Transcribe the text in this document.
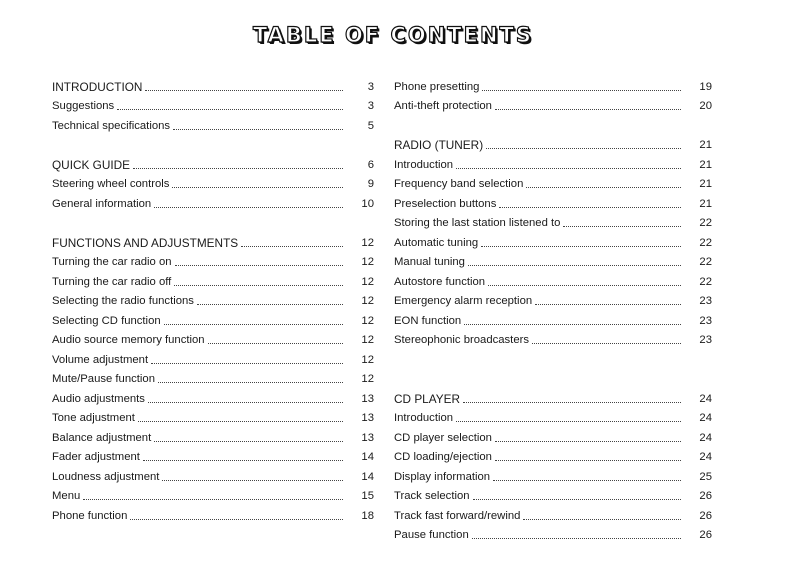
TABLE OF CONTENTS
INTRODUCTION	3
Suggestions	3
Technical specifications	5
QUICK GUIDE	6
Steering wheel controls	9
General information	10
FUNCTIONS AND ADJUSTMENTS	12
Turning the car radio on	12
Turning the car radio off	12
Selecting the radio functions	12
Selecting CD function	12
Audio source memory function	12
Volume adjustment	12
Mute/Pause function	12
Audio adjustments	13
Tone adjustment	13
Balance adjustment	13
Fader adjustment	14
Loudness adjustment	14
Menu	15
Phone function	18
Phone presetting	19
Anti-theft protection	20
RADIO (TUNER)	21
Introduction	21
Frequency band selection	21
Preselection buttons	21
Storing the last station listened to	22
Automatic tuning	22
Manual tuning	22
Autostore function	22
Emergency alarm reception	23
EON function	23
Stereophonic broadcasters	23
CD PLAYER	24
Introduction	24
CD player selection	24
CD loading/ejection	24
Display information	25
Track selection	26
Track fast forward/rewind	26
Pause function	26
